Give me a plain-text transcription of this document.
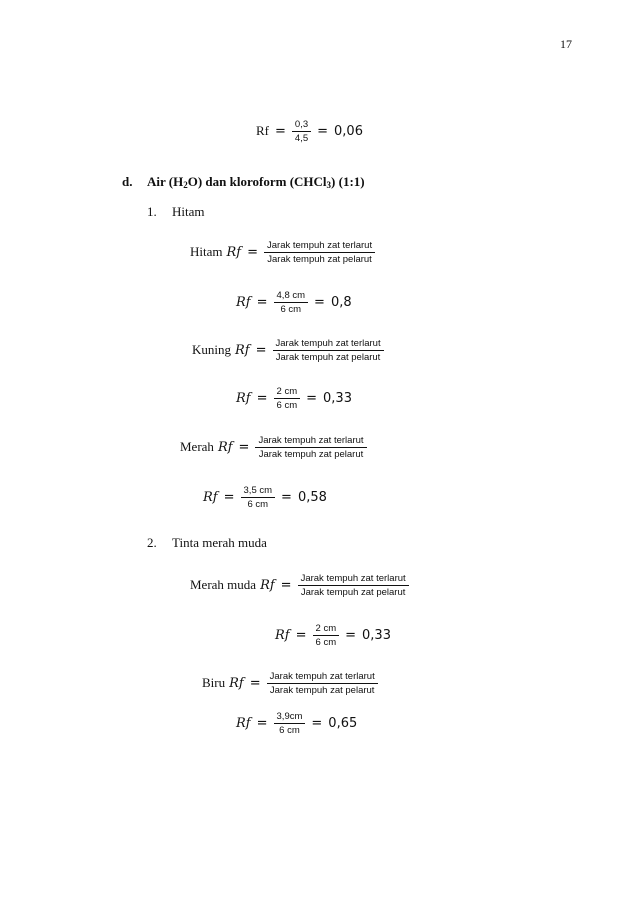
17
$Rf = \frac{0,3}{4,5} = 0,06$
d. Air $(H_2O)$ dan kloroform (CHCl$_3$) (1:1)
1. Hitam
Hitam $Rf = \frac{\text{Jarak tempuh zat terlarut}}{\text{Jarak tempuh zat pelarut}}$
$Rf = \frac{4,8 cm}{6 cm} = 0,8$
Kuning $Rf = \frac{\text{Jarak tempuh zat terlarut}}{\text{Jarak tempuh zat pelarut}}$
$Rf = \frac{2 cm}{6 cm} = 0,33$
Merah $Rf = \frac{\text{Jarak tempuh zat terlarut}}{\text{Jarak tempuh zat pelarut}}$
$Rf = \frac{3,5 cm}{6 cm} = 0,58$
2. Tinta merah muda
Merah muda $Rf = \frac{\text{Jarak tempuh zat terlarut}}{\text{Jarak tempuh zat pelarut}}$
$Rf = \frac{2 cm}{6 cm} = 0,33$
Biru $Rf = \frac{\text{Jarak tempuh zat terlarut}}{\text{Jarak tempuh zat pelarut}}$
$Rf = \frac{3,9cm}{6 cm} = 0,65$
